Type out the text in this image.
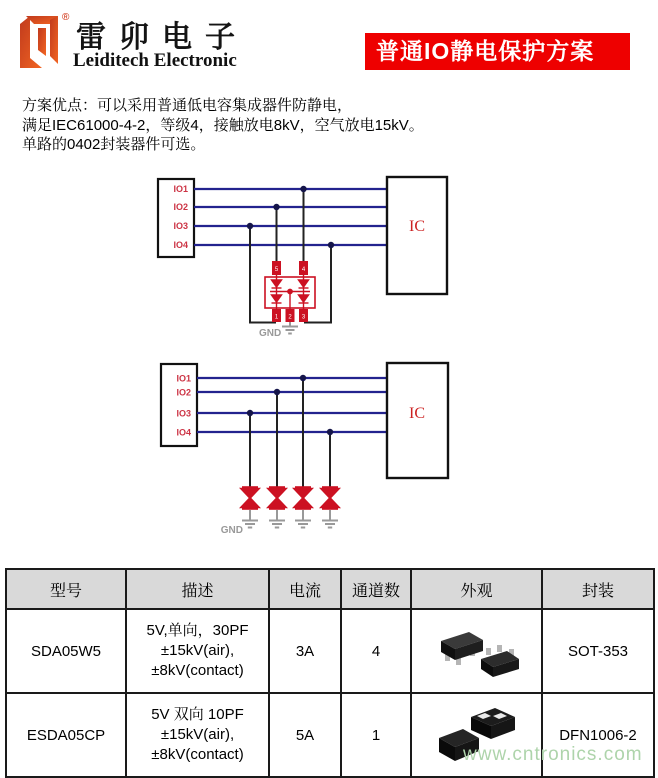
®
雷卯电子
Leiditech Electronic	普通IO静电保护方案
方案优点：可以采用普通低电容集成器件防静电，
满足IEC61000-4-2，等级4，接触放电8kV，空气放电15kV。
单路的0402封装器件可选。
IO1
IO2
IO3
IO4
IC
5	4
1 2 3
GND
IO1
IO2
IO3
IO4
IC
GND
型号	描述	电流	通道数	外观	封装
SDA05W5	5V,单向，30PF
±15kV(air),
±8kV(contact)	3A	4		SOT-353
ESDA05CP	5V 双向 10PF
±15kV(air),
±8kV(contact)	5A	1		DFN1006-2
www.cntronics.com
